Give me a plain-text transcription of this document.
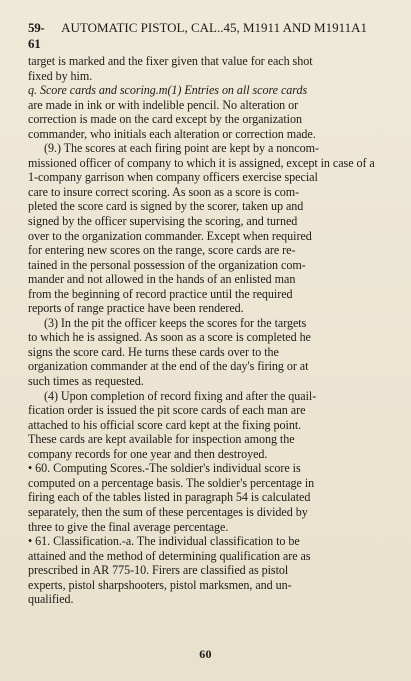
59-61
AUTOMATIC PISTOL, CAL..45, M1911 AND M1911A1
target is marked and the fixer given that value for each shot
fixed by him.
q. Score cards and scoring.m(1) Entries on all score cards
are made in ink or with indelible pencil. No alteration or
correction is made on the card except by the organization
commander, who initials each alteration or correction made.
(9.) The scores at each firing point are kept by a noncom-
missioned officer of company to which it is assigned, except in case of a
1-company garrison when company officers exercise special
care to insure correct scoring. As soon as a score is com-
pleted the score card is signed by the scorer, taken up and
signed by the officer supervising the scoring, and turned
over to the organization commander. Except when required
for entering new scores on the range, score cards are re-
tained in the personal possession of the organization com-
mander and not allowed in the hands of an enlisted man
from the beginning of record practice until the required
reports of range practice have been rendered.
(3) In the pit the officer keeps the scores for the targets
to which he is assigned. As soon as a score is completed he
signs the score card. He turns these cards over to the
organization commander at the end of the day's firing or at
such times as requested.
(4) Upon completion of record fixing and after the quail-
fication order is issued the pit score cards of each man are
attached to his official score card kept at the fixing point.
These cards are kept available for inspection among the
company records for one year and then destroyed.
• 60. Computing Scores.-The soldier's individual score is
computed on a percentage basis. The soldier's percentage in
firing each of the tables listed in paragraph 54 is calculated
separately, then the sum of these percentages is divided by
three to give the final average percentage.
• 61. Classification.-a. The individual classification to be
attained and the method of determining qualification are as
prescribed in AR 775-10. Firers are classified as pistol
experts, pistol sharpshooters, pistol marksmen, and un-
qualified.
60
